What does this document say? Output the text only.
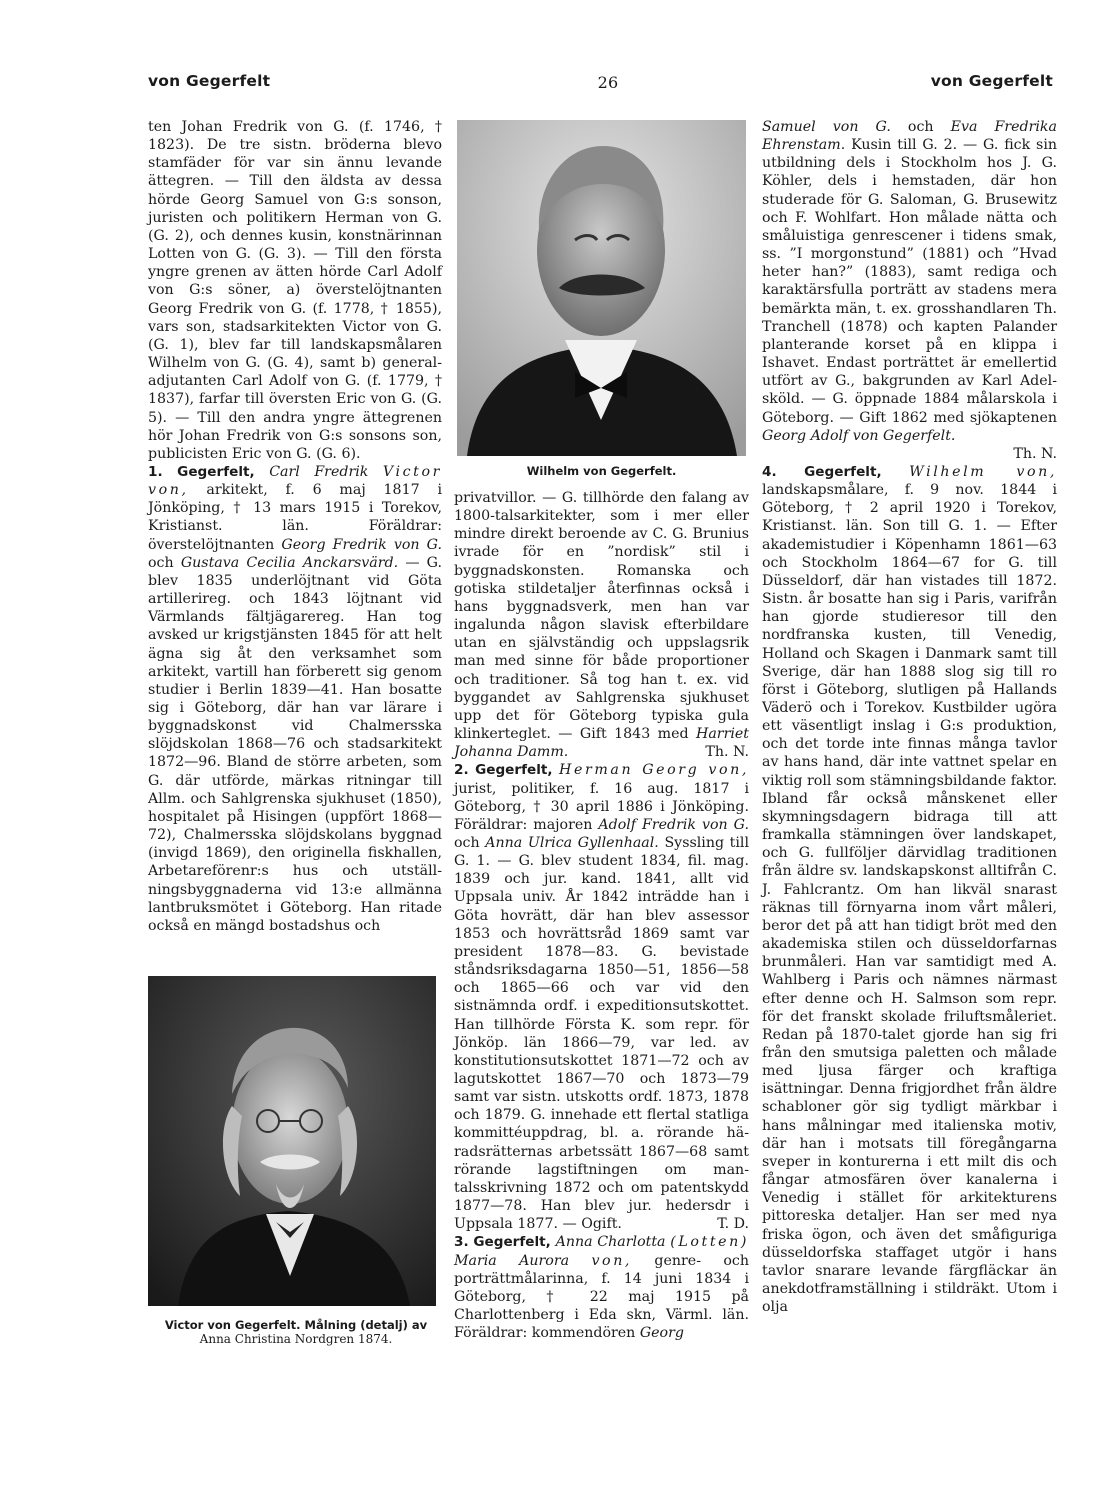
von Gegerfelt	26	von Gegerfelt

ten Johan Fredrik von G. (f. 1746, † 1823). De tre sistn. bröderna blevo stamfäder för var sin ännu levande ättegren. — Till den äldsta av dessa hörde Georg Samuel von G:s sonson, juristen och politikern Herman von G. (G. 2), och dennes kusin, konstnärinnan Lotten von G. (G. 3). — Till den första yngre grenen av ätten hörde Carl Adolf von G:s söner, a) överstelöjtnanten Georg Fredrik von G. (f. 1778, † 1855), vars son, stadsarkitekten Victor von G. (G. 1), blev far till landskapsmålaren Wilhelm von G. (G. 4), samt b) generaladjutanten Carl Adolf von G. (f. 1779, † 1837), farfar till översten Eric von G. (G. 5). — Till den andra yngre ättegrenen hör Johan Fredrik von G:s sonsons son, publicisten Eric von G. (G. 6).

1. Gegerfelt, Carl Fredrik Victor von, arkitekt, f. 6 maj 1817 i Jönköping, † 13 mars 1915 i Torekov, Kristianst. län. Föräldrar: överstelöjtnanten Georg Fredrik von G. och Gustava Cecilia Anckarsvärd. — G. blev 1835 underlöjtnant vid Göta artillerireg. och 1843 löjtnant vid Värmlands fältjägarereg. Han tog avsked ur krigstjänsten 1845 för att helt ägna sig åt den verksamhet som arkitekt, vartill han förberett sig genom studier i Berlin 1839—41. Han bosatte sig i Göteborg, där han var lärare i byggnadskonst vid Chalmersska slöjdskolan 1868—76 och stadsarkitekt 1872—96. Bland de större arbeten, som G. där utförde, märkas ritningar till Allm. och Sahlgrenska sjukhuset (1850), hospitalet på Hisingen (uppfört 1868—72), Chalmersska slöjdskolans byggnad (invigd 1869), den originella fiskhallen, Arbetareförenr:s hus och utställningsbyggnaderna vid 13:e allmänna lantbruksmötet i Göteborg. Han ritade också en mängd bostadshus och

Victor von Gegerfelt. Målning (detalj) av
Anna Christina Nordgren 1874.
Wilhelm von Gegerfelt.

privatvillor. — G. tillhörde den falang av 1800-talsarkitekter, som i mer eller mindre direkt beroende av C. G. Brunius ivrade för en ”nordisk” stil i byggnadskonsten. Romanska och gotiska stildetaljer återfinnas också i hans byggnadsverk, men han var ingalunda någon slavisk efterbildare utan en självständig och uppslagsrik man med sinne för både proportioner och traditioner. Så tog han t. ex. vid byggandet av Sahlgrenska sjukhuset upp det för Göteborg typiska gula klinkerteglet. — Gift 1843 med Harriet Johanna Damm.	Th. N.

2. Gegerfelt, Herman Georg von, jurist, politiker, f. 16 aug. 1817 i Göteborg, † 30 april 1886 i Jönköping. Föräldrar: majoren Adolf Fredrik von G. och Anna Ulrica Gyllenhaal. Syssling till G. 1. — G. blev student 1834, fil. mag. 1839 och jur. kand. 1841, allt vid Uppsala univ. År 1842 inträdde han i Göta hovrätt, där han blev assessor 1853 och hovrättsråd 1869 samt var president 1878—83. G. bevistade ståndsriksdagarna 1850—51, 1856—58 och 1865—66 och var vid den sistnämnda ordf. i expeditionsutskottet. Han tillhörde Första K. som repr. för Jönköp. län 1866—79, var led. av konstitutionsutskottet 1871—72 och av lagutskottet 1867—70 och 1873—79 samt var sistn. utskotts ordf. 1873, 1878 och 1879. G. innehade ett flertal statliga kommittéuppdrag, bl. a. rörande häradsrätternas arbetssätt 1867—68 samt rörande lagstiftningen om mantalsskrivning 1872 och om patentskydd 1877—78. Han blev jur. hedersdr i Uppsala 1877. — Ogift.	T. D.

3. Gegerfelt, Anna Charlotta (Lotten) Maria Aurora von, genre- och porträttmålarinna, f. 14 juni 1834 i Göteborg, † 22 maj 1915 på Charlottenberg i Eda skn, Värml. län. Föräldrar: kommendören Georg

Samuel von G. och Eva Fredrika Ehrenstam. Kusin till G. 2. — G. fick sin utbildning dels i Stockholm hos J. G. Köhler, dels i hemstaden, där hon studerade för G. Saloman, G. Brusewitz och F. Wohlfart. Hon målade nätta och småluistiga genrescener i tidens smak, ss. ”I morgonstund” (1881) och ”Hvad heter han?” (1883), samt rediga och karaktärsfulla porträtt av stadens mera bemärkta män, t. ex. grosshandlaren Th. Tranchell (1878) och kapten Palander planterande korset på en klippa i Ishavet. Endast porträttet är emellertid utfört av G., bakgrunden av Karl Adelsköld. — G. öppnade 1884 målarskola i Göteborg. — Gift 1862 med sjökaptenen Georg Adolf von Gegerfelt.
Th. N.

4. Gegerfelt, Wilhelm von, landskapsmålare, f. 9 nov. 1844 i Göteborg, † 2 april 1920 i Torekov, Kristianst. län. Son till G. 1. — Efter akademistudier i Köpenhamn 1861—63 och Stockholm 1864—67 for G. till Düsseldorf, där han vistades till 1872. Sistn. år bosatte han sig i Paris, varifrån han gjorde studieresor till den nordfranska kusten, till Venedig, Holland och Skagen i Danmark samt till Sverige, där han 1888 slog sig till ro först i Göteborg, slutligen på Hallands Väderö och i Torekov. Kustbilder ugöra ett väsentligt inslag i G:s produktion, och det torde inte finnas många tavlor av hans hand, där inte vattnet spelar en viktig roll som stämningsbildande faktor. Ibland får också månskenet eller skymningsdagern bidraga till att framkalla stämningen över landskapet, och G. fullföljer därvidlag traditionen från äldre sv. landskapskonst alltifrån C. J. Fahlcrantz. Om han likväl snarast räknas till förnyarna inom vårt måleri, beror det på att han tidigt bröt med den akademiska stilen och düsseldorfarnas brunmåleri. Han var samtidigt med A. Wahlberg i Paris och nämnes närmast efter denne och H. Salmson som repr. för det franskt skolade friluftsmåleriet. Redan på 1870-talet gjorde han sig fri från den smutsiga paletten och målade med ljusa färger och kraftiga isättningar. Denna frigjordhet från äldre schabloner gör sig tydligt märkbar i hans målningar med italienska motiv, där han i motsats till föregångarna sveper in konturerna i ett milt dis och fångar atmosfären över kanalerna i Venedig i stället för arkitekturens pittoreska detaljer. Han ser med nya friska ögon, och även det småfiguriga düsseldorfska staffaget utgör i hans tavlor snarare levande färgfläckar än anekdotframställning i stildräkt. Utom i olja
